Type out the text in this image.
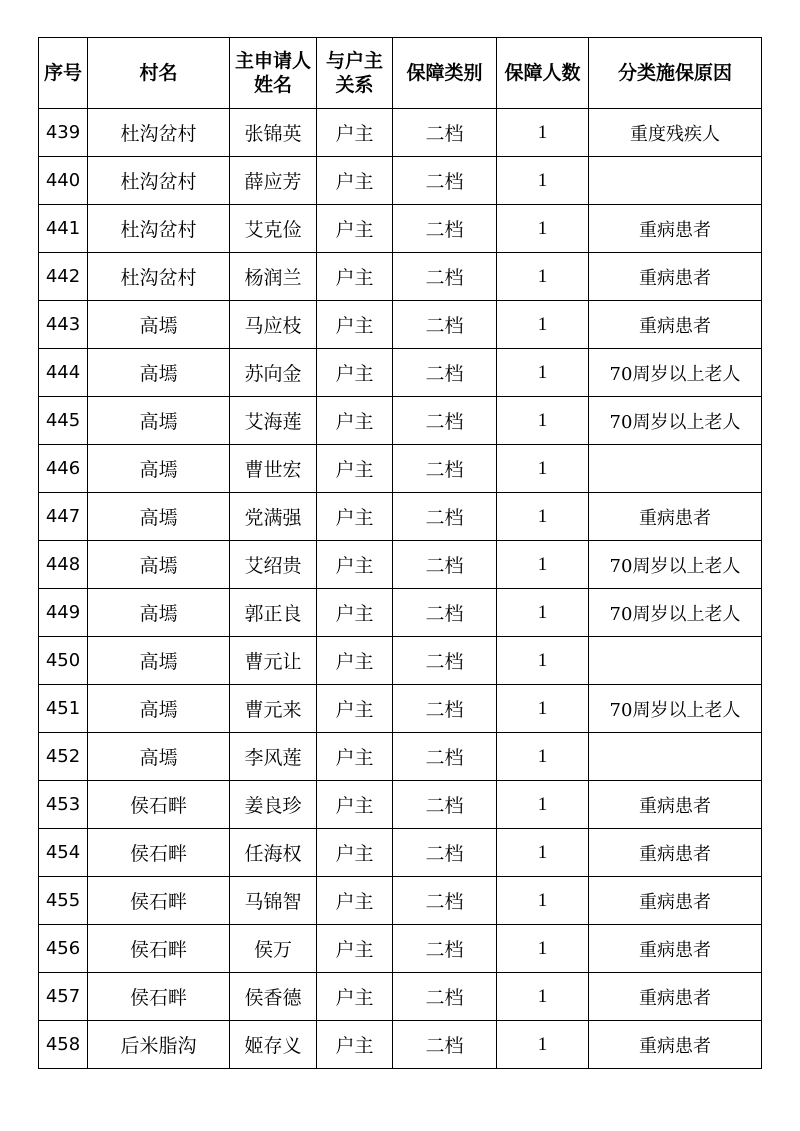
序号	村名	主申请人姓名	与户主关系	保障类别	保障人数	分类施保原因
439	杜沟岔村	张锦英	户主	二档	1	重度残疾人
440	杜沟岔村	薛应芳	户主	二档	1	
441	杜沟岔村	艾克俭	户主	二档	1	重病患者
442	杜沟岔村	杨润兰	户主	二档	1	重病患者
443	高墕	马应枝	户主	二档	1	重病患者
444	高墕	苏向金	户主	二档	1	70周岁以上老人
445	高墕	艾海莲	户主	二档	1	70周岁以上老人
446	高墕	曹世宏	户主	二档	1	
447	高墕	党满强	户主	二档	1	重病患者
448	高墕	艾绍贵	户主	二档	1	70周岁以上老人
449	高墕	郭正良	户主	二档	1	70周岁以上老人
450	高墕	曹元让	户主	二档	1	
451	高墕	曹元来	户主	二档	1	70周岁以上老人
452	高墕	李风莲	户主	二档	1	
453	侯石畔	姜良珍	户主	二档	1	重病患者
454	侯石畔	任海权	户主	二档	1	重病患者
455	侯石畔	马锦智	户主	二档	1	重病患者
456	侯石畔	侯万	户主	二档	1	重病患者
457	侯石畔	侯香德	户主	二档	1	重病患者
458	后米脂沟	姬存义	户主	二档	1	重病患者
